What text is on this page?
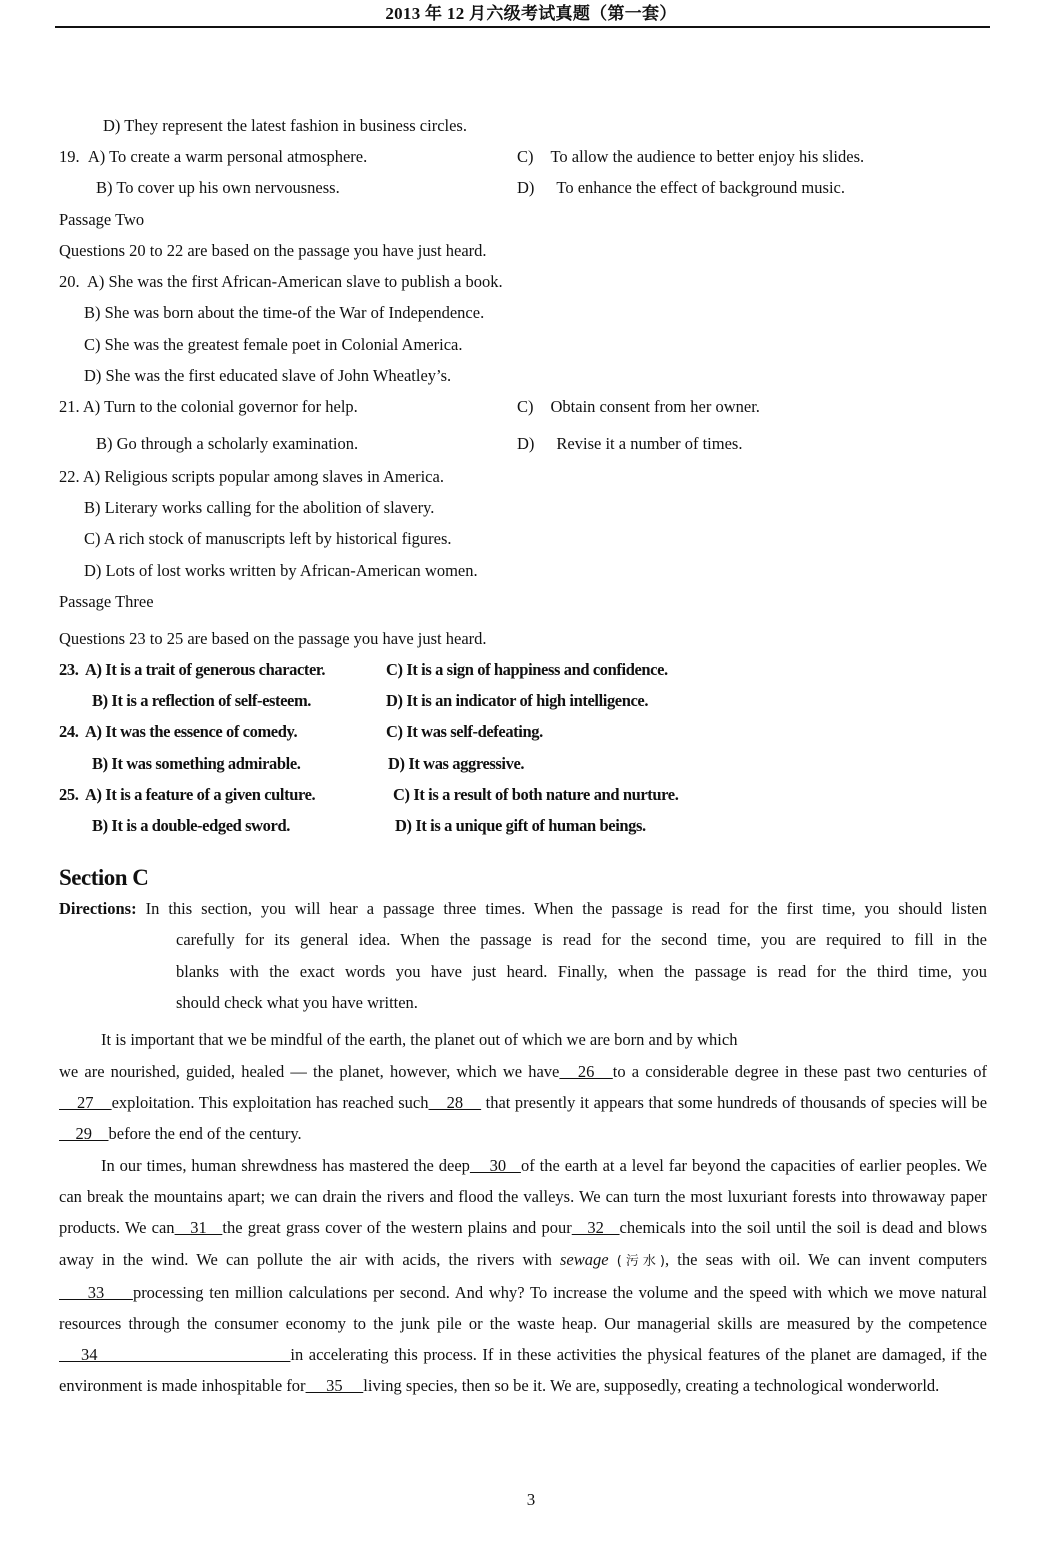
2013 年 12 月六级考试真题（第一套）
D) They represent the latest fashion in business circles.
19. A) To create a warm personal atmosphere.	C) To allow the audience to better enjoy his slides.
B) To cover up his own nervousness.	D) To enhance the effect of background music.
Passage Two
Questions 20 to 22 are based on the passage you have just heard.
20.  A) She was the first African-American slave to publish a book.
B) She was born about the time-of the War of Independence.
C) She was the greatest female poet in Colonial America.
D) She was the first educated slave of John Wheatley’s.
21. A) Turn to the colonial governor for help.	C) Obtain consent from her owner.
B) Go through a scholarly examination.	D) Revise it a number of times.
22. A) Religious scripts popular among slaves in America.
B) Literary works calling for the abolition of slavery.
C) A rich stock of manuscripts left by historical figures.
D) Lots of lost works written by African-American women.
Passage Three
Questions 23 to 25 are based on the passage you have just heard.
23.  A) It is a trait of generous character.	C) It is a sign of happiness and confidence.
B) It is a reflection of self-esteem.	D) It is an indicator of high intelligence.
24.  A) It was the essence of comedy.	C) It was self-defeating.
B) It was something admirable.	D) It was aggressive.
25.  A) It is a feature of a given culture.	C) It is a result of both nature and nurture.
B) It is a double-edged sword.	D) It is a unique gift of human beings.
Section C
Directions: In this section, you will hear a passage three times. When the passage is read for the first time, you should listen
carefully for its general idea. When the passage is read for the second time, you are required to fill in the
blanks with the exact words you have just heard. Finally, when the passage is read for the third time, you
should check what you have written.
It is important that we be mindful of the earth, the planet out of which we are born and by which
we are nourished, guided, healed — the planet, however, which we have   26   to a considerable degree in these past two centuries of    27    exploitation. This exploitation has reached such    28     that presently it appears that some hundreds of thousands of species will be    29    before the end of the century.
In our times, human shrewdness has mastered the deep    30   of the earth at a level far beyond the capacities of earlier peoples. We can break the mountains apart; we can drain the rivers and flood the valleys. We can turn the most luxuriant forests into throwaway paper products. We can   31   the great grass cover of the western plains and pour   32   chemicals into the soil until the soil is dead and blows away in the wind. We can pollute the air with acids, the rivers with sewage (污水), the seas with oil. We can invent computers     33     processing ten million calculations per second. And why? To increase the volume and the speed with which we move natural resources through the consumer economy to the junk pile or the waste heap. Our managerial skills are measured by the competence    34                                   in accelerating this process. If in these activities the physical features of the planet are damaged, if the environment is made inhospitable for     35     living species, then so be it. We are, supposedly, creating a technological wonderworld.
3
